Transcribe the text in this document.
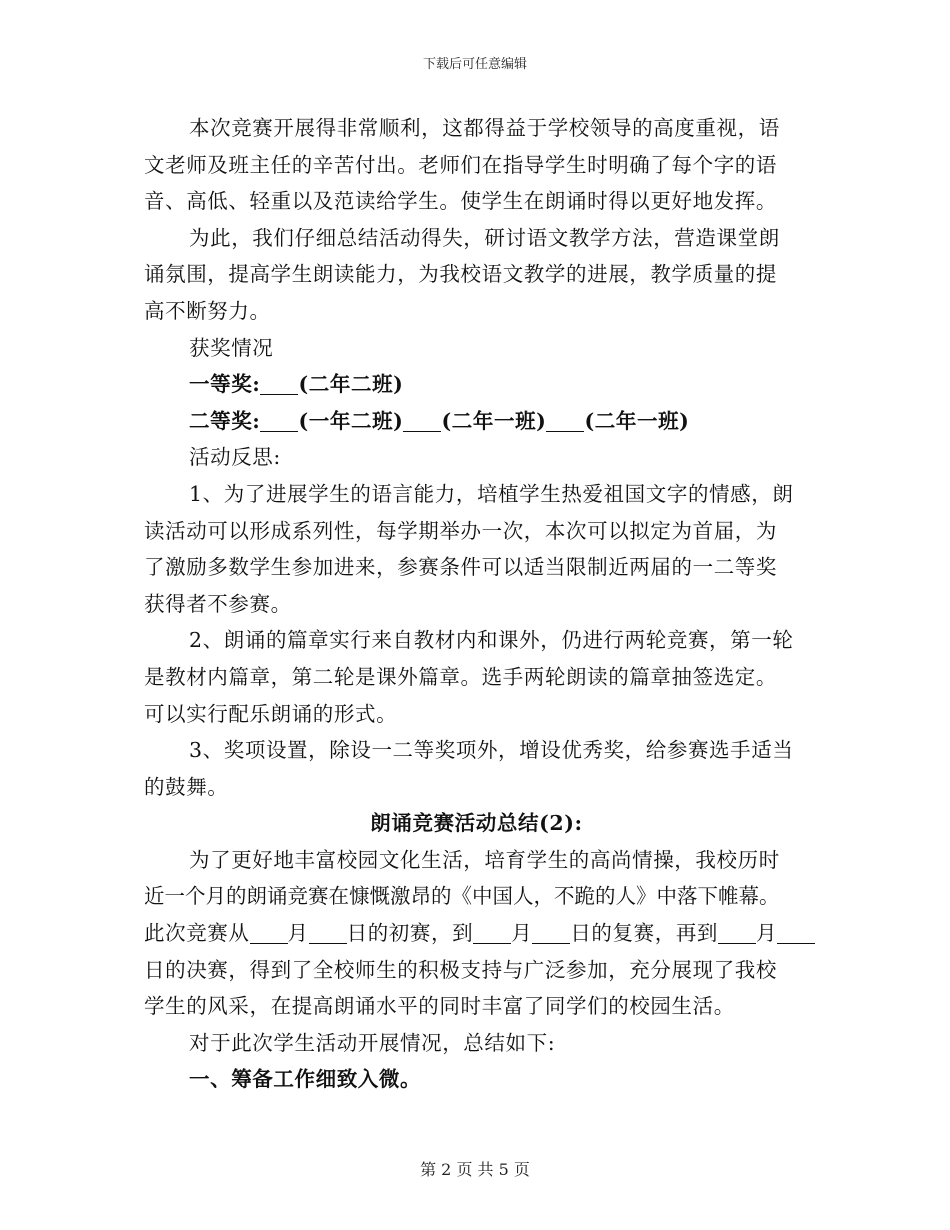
下载后可任意编辑
本次竞赛开展得非常顺利，这都得益于学校领导的高度重视，语
文老师及班主任的辛苦付出。老师们在指导学生时明确了每个字的语
音、高低、轻重以及范读给学生。使学生在朗诵时得以更好地发挥。
为此，我们仔细总结活动得失，研讨语文教学方法，营造课堂朗
诵氛围，提高学生朗读能力，为我校语文教学的进展，教学质量的提
高不断努力。
获奖情况
一等奖: (二年二班)
二等奖: (一年二班) (二年一班) (二年一班)
活动反思:
1、为了进展学生的语言能力，培植学生热爱祖国文字的情感，朗
读活动可以形成系列性，每学期举办一次，本次可以拟定为首届，为
了激励多数学生参加进来，参赛条件可以适当限制近两届的一二等奖
获得者不参赛。
2、朗诵的篇章实行来自教材内和课外，仍进行两轮竞赛，第一轮
是教材内篇章，第二轮是课外篇章。选手两轮朗读的篇章抽签选定。
可以实行配乐朗诵的形式。
3、奖项设置，除设一二等奖项外，增设优秀奖，给参赛选手适当
的鼓舞。
朗诵竞赛活动总结(2):
为了更好地丰富校园文化生活，培育学生的高尚情操，我校历时
近一个月的朗诵竞赛在慷慨激昂的《中国人，不跪的人》中落下帷幕。
此次竞赛从 月 日的初赛，到 月 日的复赛，再到 月
日的决赛，得到了全校师生的积极支持与广泛参加，充分展现了我校
学生的风采，在提高朗诵水平的同时丰富了同学们的校园生活。
对于此次学生活动开展情况，总结如下:
一、筹备工作细致入微。
第 2 页 共 5 页
